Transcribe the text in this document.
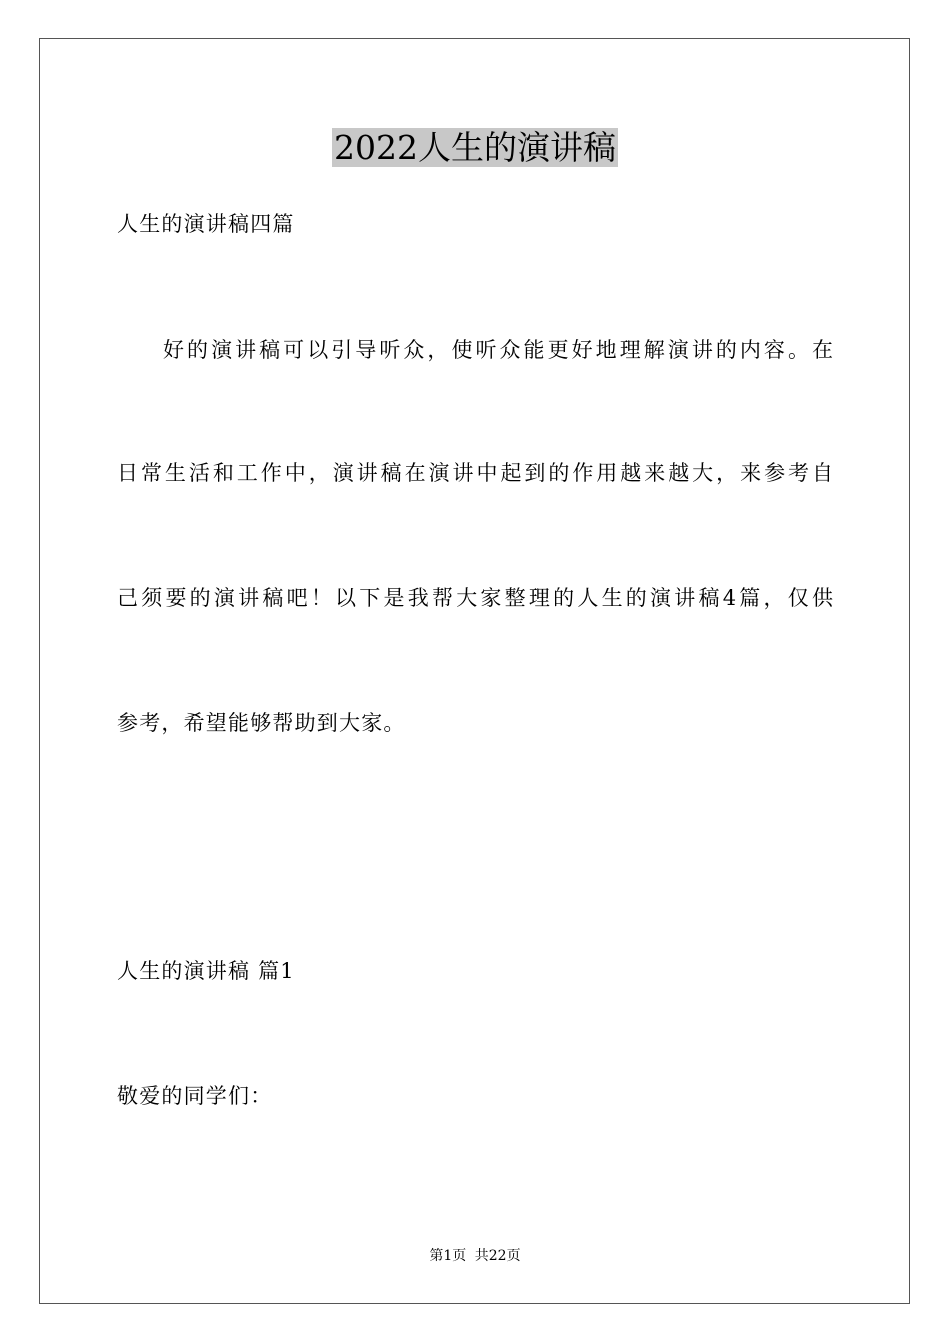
2022人生的演讲稿

人生的演讲稿四篇

好的演讲稿可以引导听众，使听众能更好地理解演讲的内容。在

日常生活和工作中，演讲稿在演讲中起到的作用越来越大，来参考自

己须要的演讲稿吧！以下是我帮大家整理的人生的演讲稿4篇，仅供

参考，希望能够帮助到大家。

人生的演讲稿 篇1

敬爱的同学们：

第1页 共22页
